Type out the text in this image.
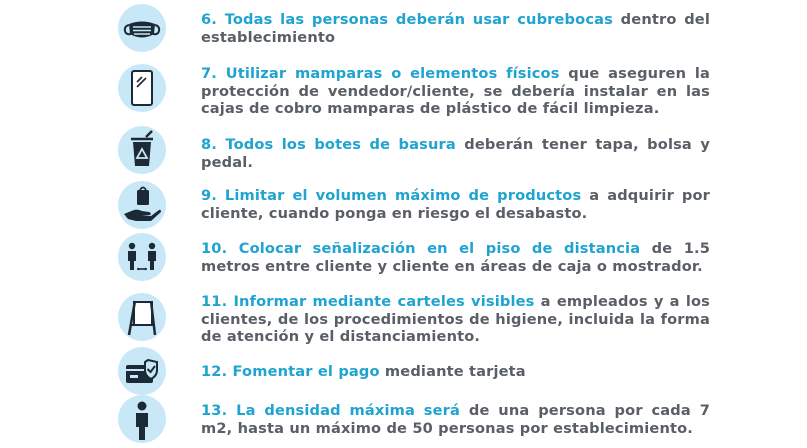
6. Todas las personas deberán usar cubrebocas dentro del establecimiento
7. Utilizar mamparas o elementos físicos que aseguren la protección de vendedor/cliente, se debería instalar en las cajas de cobro mamparas de plástico de fácil limpieza.
8. Todos los botes de basura deberán tener tapa, bolsa y pedal.
9. Limitar el volumen máximo de productos a adquirir por cliente, cuando ponga en riesgo el desabasto.
10. Colocar señalización en el piso de distancia de 1.5 metros entre cliente y cliente en áreas de caja o mostrador.
11. Informar mediante carteles visibles a empleados y a los clientes, de los procedimientos de higiene, incluida la forma de atención y el distanciamiento.
12. Fomentar el pago mediante tarjeta
13. La densidad máxima será de una persona por cada 7 m2, hasta un máximo de 50 personas por establecimiento.
